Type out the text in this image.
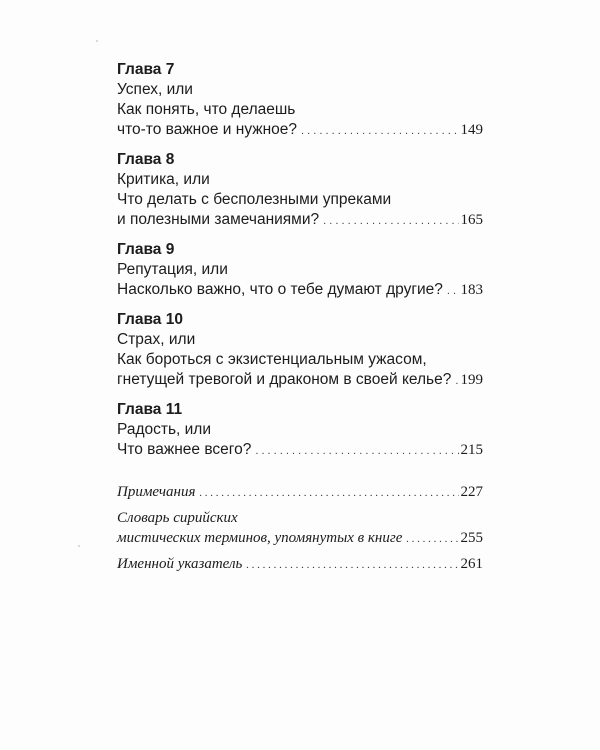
Глава 7
Успех, или
Как понять, что делаешь
что-то важное и нужное? . . .	149
Глава 8
Критика, или
Что делать с бесполезными упреками
и полезными замечаниями? . . .	165
Глава 9
Репутация, или
Насколько важно, что о тебе думают другие? . . . 183
Глава 10
Страх, или
Как бороться с экзистенциальным ужасом,
гнетущей тревогой и драконом в своей келье? . . . 199
Глава 11
Радость, или
Что важнее всего? . . .	215
Примечания . . .	227
Словарь сирийских
мистических терминов, упомянутых в книге . . .	255
Именной указатель . . .	261
